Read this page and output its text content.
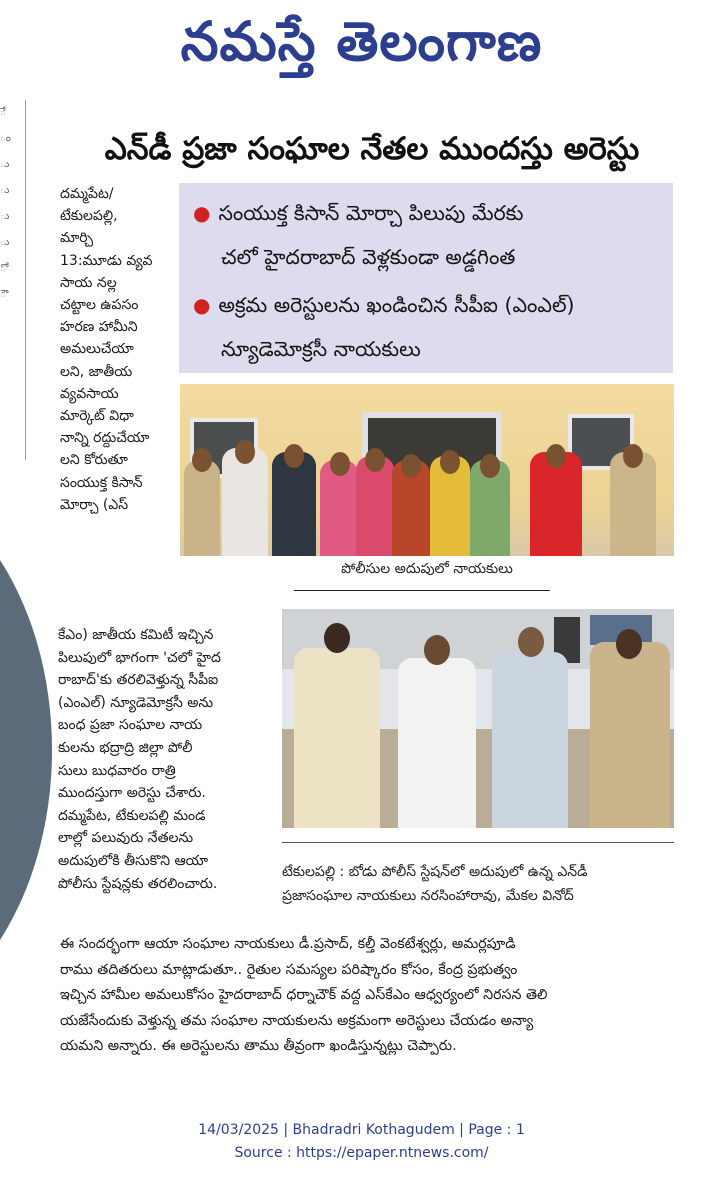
నమస్తే తెలంగాణ
ే
ం
ు
ు
ు
ు
ో
ౌ
ఎన్‌డీ ప్రజా సంఘాల నేతల ముందస్తు అరెస్టు
● సంయుక్త కిసాన్ మోర్చా పిలుపు మేరకు
చలో హైదరాబాద్ వెళ్లకుండా అడ్డగింత
● అక్రమ అరెస్టులను ఖండించిన సీపీఐ (ఎంఎల్)
న్యూడెమోక్రసీ నాయకులు
పోలీసుల అదుపులో నాయకులు
దమ్మపేట/
టేకులపల్లి,
మార్చి
13:మూడు వ్యవ
సాయ నల్ల
చట్టాల ఉపసం
హరణ హామీని
అమలుచేయా
లని, జాతీయ
వ్యవసాయ
మార్కెట్ విధా
నాన్ని రద్దుచేయా
లని కోరుతూ
సంయుక్త కిసాన్
మోర్చా (ఎస్
కేఎం) జాతీయ కమిటీ ఇచ్చిన
పిలుపులో భాగంగా 'చలో హైద
రాబాద్'కు తరలివెళ్తున్న సీపీఐ
(ఎంఎల్) న్యూడెమోక్రసీ అను
బంధ ప్రజా సంఘాల నాయ
కులను భద్రాద్రి జిల్లా పోలీ
సులు బుధవారం రాత్రి
ముందస్తుగా అరెస్టు చేశారు.
దమ్మపేట, టేకులపల్లి మండ
లాల్లో పలువురు నేతలను
అదుపులోకి తీసుకొని ఆయా
పోలీసు స్టేషన్లకు తరలించారు.
టేకులపల్లి : బోడు పోలీస్ స్టేషన్‌లో అదుపులో ఉన్న ఎన్‌డీ
ప్రజాసంఘాల నాయకులు నరసింహారావు, మేకల వినోద్
ఈ సందర్భంగా ఆయా సంఘాల నాయకులు డీ.ప్రసాద్, కల్తీ వెంకటేశ్వర్లు, అమర్లపూడి
రాము తదితరులు మాట్లాడుతూ.. రైతుల సమస్యల పరిష్కారం కోసం, కేంద్ర ప్రభుత్వం
ఇచ్చిన హామీల అమలుకోసం హైదరాబాద్ ధర్నాచౌక్ వద్ద ఎస్‌కేఎం ఆధ్వర్యంలో నిరసన తెలి
యజేసేందుకు వెళ్తున్న తమ సంఘాల నాయకులను అక్రమంగా అరెస్టులు చేయడం అన్యా
యమని అన్నారు. ఈ అరెస్టులను తాము తీవ్రంగా ఖండిస్తున్నట్లు చెప్పారు.
14/03/2025 | Bhadradri Kothagudem | Page : 1
Source : https://epaper.ntnews.com/
